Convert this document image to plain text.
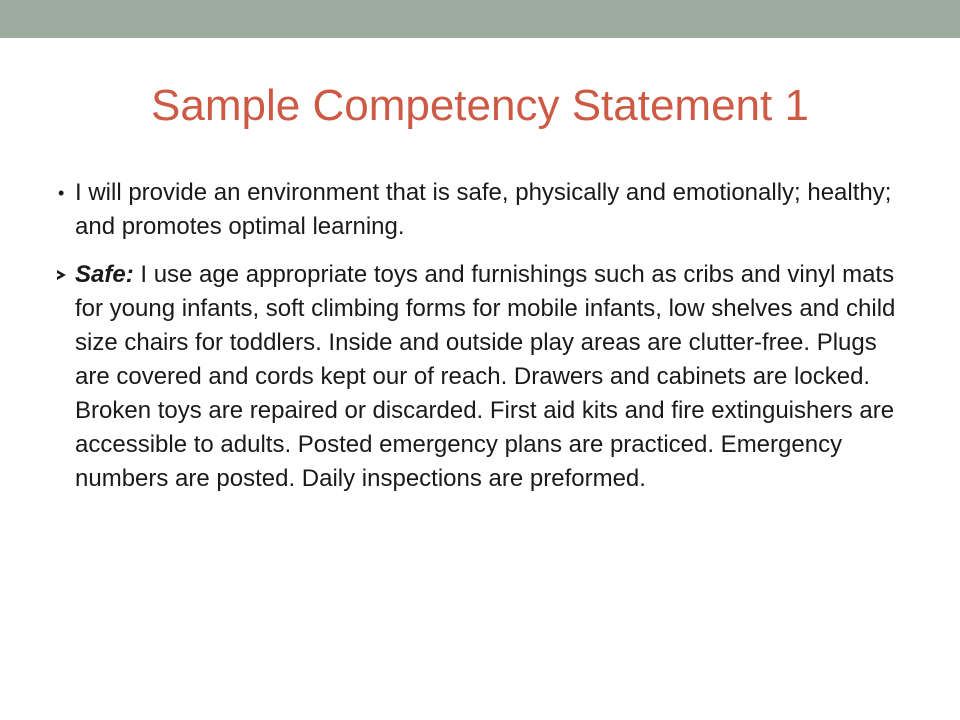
Sample Competency Statement 1
• I will provide an environment that is safe, physically and emotionally; healthy; and promotes optimal learning.
Safe: I use age appropriate toys and furnishings such as cribs and vinyl mats for young infants, soft climbing forms for mobile infants, low shelves and child size chairs for toddlers. Inside and outside play areas are clutter-free. Plugs are covered and cords kept our of reach. Drawers and cabinets are locked. Broken toys are repaired or discarded. First aid kits and fire extinguishers are accessible to adults. Posted emergency plans are practiced. Emergency numbers are posted. Daily inspections are preformed.
